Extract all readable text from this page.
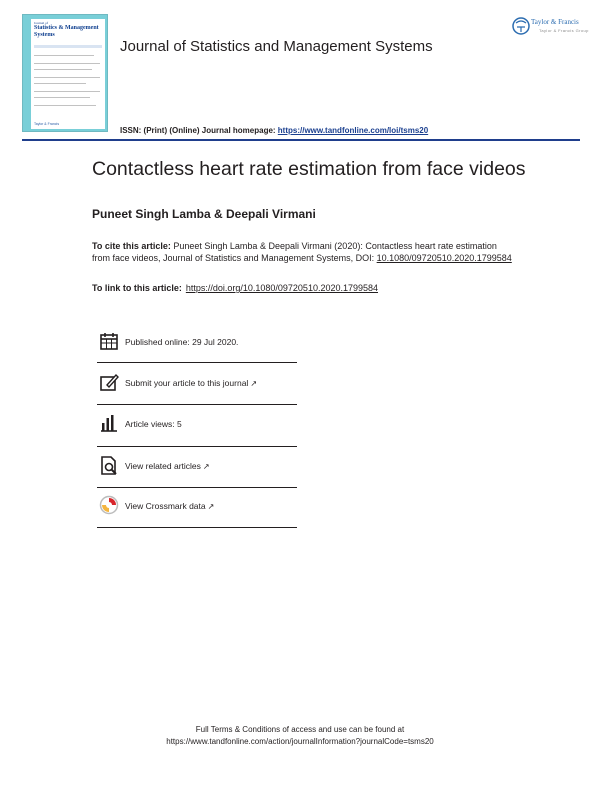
Journal of
Statistics & Management Systems
Taylor & Francis
Taylor & Francis
Taylor & Francis Group
Journal of Statistics and Management Systems
ISSN: (Print) (Online) Journal homepage: https://www.tandfonline.com/loi/tsms20
Contactless heart rate estimation from face videos
Puneet Singh Lamba & Deepali Virmani
To cite this article: Puneet Singh Lamba & Deepali Virmani (2020): Contactless heart rate estimation from face videos, Journal of Statistics and Management Systems, DOI: 10.1080/09720510.2020.1799584
To link to this article: https://doi.org/10.1080/09720510.2020.1799584
Published online: 29 Jul 2020.
Submit your article to this journal ↗
Article views: 5
View related articles ↗
View Crossmark data ↗
Full Terms & Conditions of access and use can be found at
https://www.tandfonline.com/action/journalInformation?journalCode=tsms20
